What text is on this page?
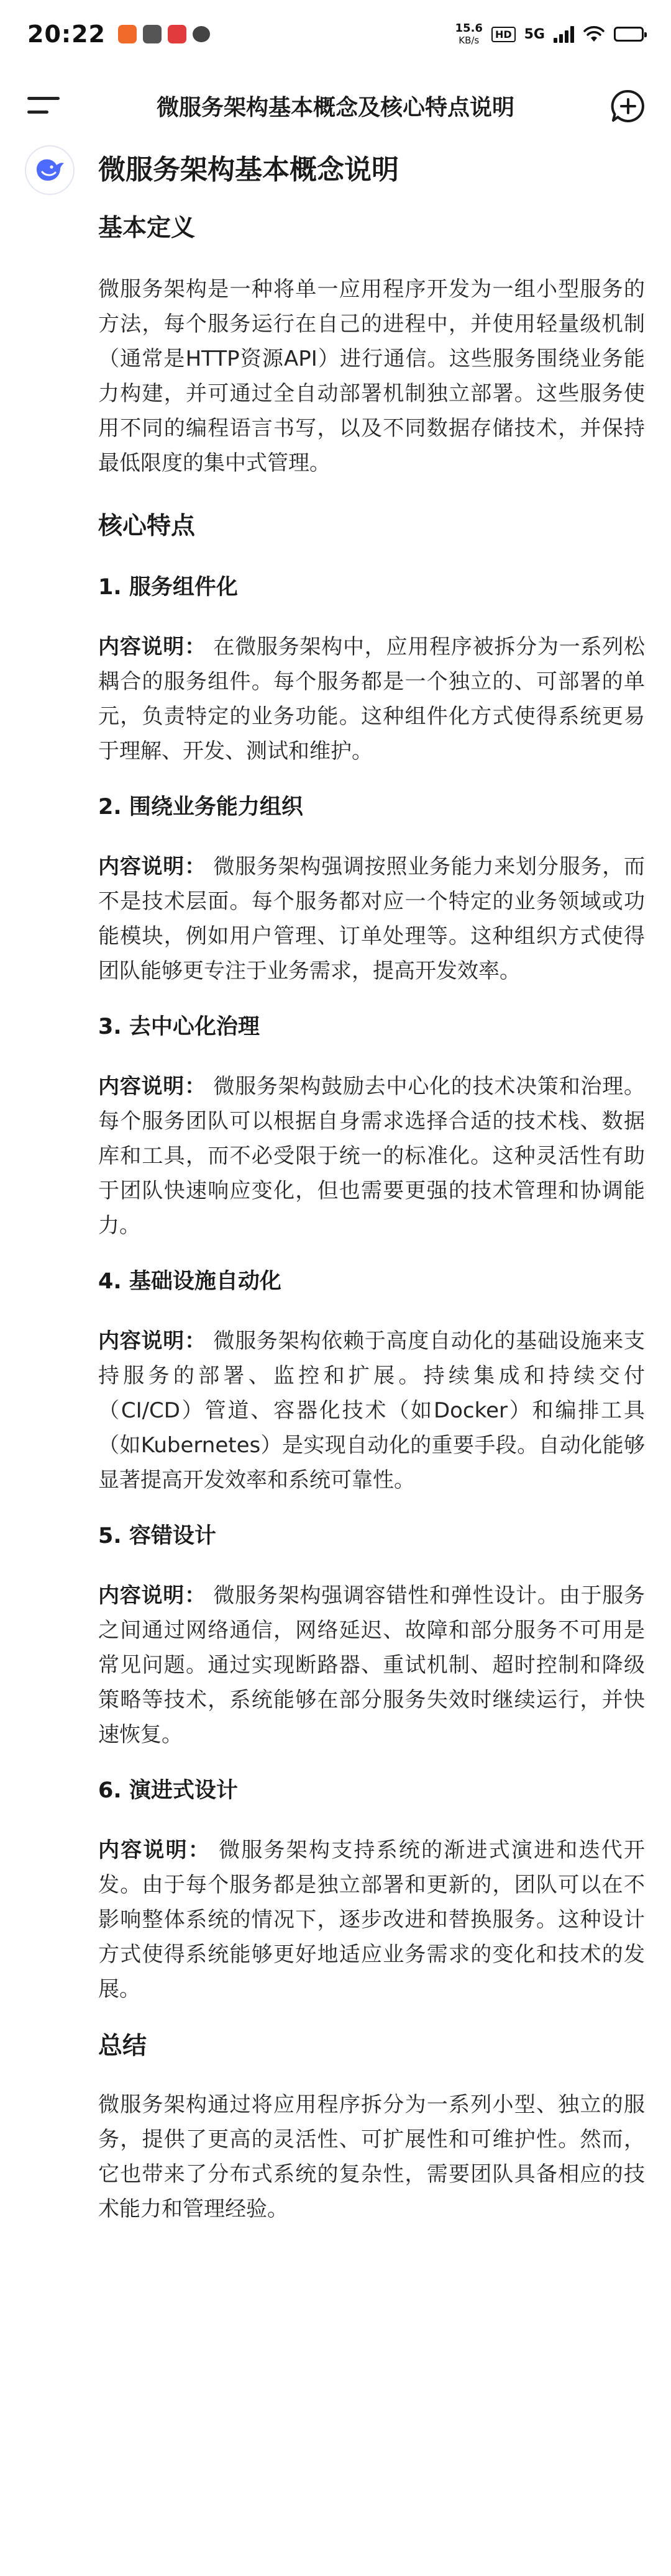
20:22	15.6
KB/s
HD 5G
微服务架构基本概念及核心特点说明
微服务架构基本概念说明
基本定义

微服务架构是一种将单一应用程序开发为一组小型服务的方法，每个服务运行在自己的进程中，并使用轻量级机制（通常是HTTP资源API）进行通信。这些服务围绕业务能力构建，并可通过全自动部署机制独立部署。这些服务使用不同的编程语言书写，以及不同数据存储技术，并保持最低限度的集中式管理。

核心特点
1. 服务组件化

内容说明： 在微服务架构中，应用程序被拆分为一系列松耦合的服务组件。每个服务都是一个独立的、可部署的单元，负责特定的业务功能。这种组件化方式使得系统更易于理解、开发、测试和维护。

2. 围绕业务能力组织

内容说明： 微服务架构强调按照业务能力来划分服务，而不是技术层面。每个服务都对应一个特定的业务领域或功能模块，例如用户管理、订单处理等。这种组织方式使得团队能够更专注于业务需求，提高开发效率。

3. 去中心化治理

内容说明： 微服务架构鼓励去中心化的技术决策和治理。每个服务团队可以根据自身需求选择合适的技术栈、数据库和工具，而不必受限于统一的标准化。这种灵活性有助于团队快速响应变化，但也需要更强的技术管理和协调能力。

4. 基础设施自动化

内容说明： 微服务架构依赖于高度自动化的基础设施来支持服务的部署、监控和扩展。持续集成和持续交付（CI/CD）管道、容器化技术（如Docker）和编排工具（如Kubernetes）是实现自动化的重要手段。自动化能够显著提高开发效率和系统可靠性。

5. 容错设计

内容说明： 微服务架构强调容错性和弹性设计。由于服务之间通过网络通信，网络延迟、故障和部分服务不可用是常见问题。通过实现断路器、重试机制、超时控制和降级策略等技术，系统能够在部分服务失效时继续运行，并快速恢复。

6. 演进式设计

内容说明： 微服务架构支持系统的渐进式演进和迭代开发。由于每个服务都是独立部署和更新的，团队可以在不影响整体系统的情况下，逐步改进和替换服务。这种设计方式使得系统能够更好地适应业务需求的变化和技术的发展。

总结

微服务架构通过将应用程序拆分为一系列小型、独立的服务，提供了更高的灵活性、可扩展性和可维护性。然而，它也带来了分布式系统的复杂性，需要团队具备相应的技术能力和管理经验。
